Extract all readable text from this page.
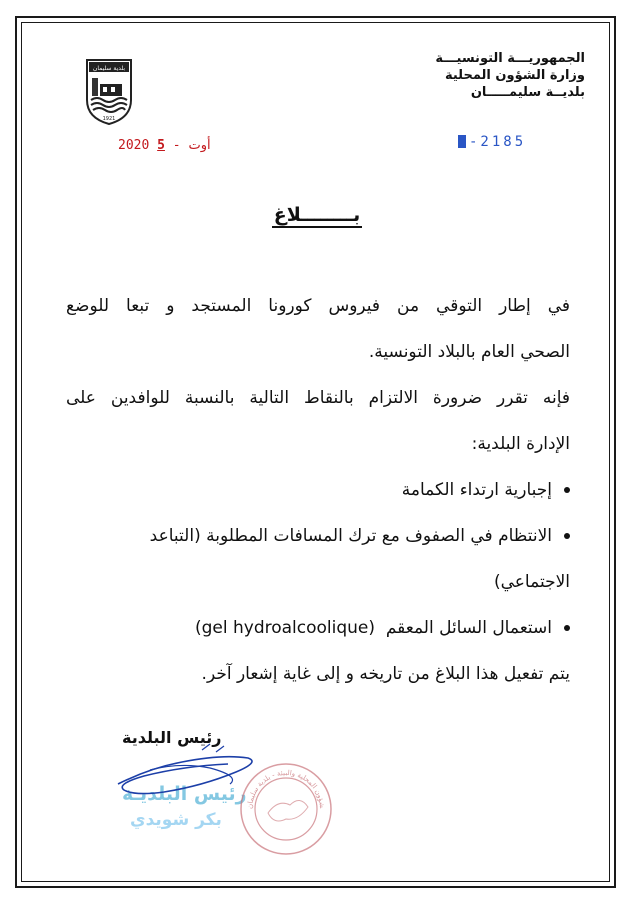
الجمهوريـــة التونسيـــة
وزارة الشؤون المحلية
بلديــة سليمـــــان
بلدية سليمان
1921
2020	أوت - 5	-2185
بــــــــلاغ
في إطار التوقي من فيروس كورونا المستجد و تبعا للوضع
الصحي العام بالبلاد التونسية.
فإنه تقرر ضرورة الالتزام بالنقاط التالية بالنسبة للوافدين على
الإدارة البلدية:
إجبارية ارتداء الكمامة
الانتظام في الصفوف مع ترك المسافات المطلوبة (التباعد
الاجتماعي)
استعمال السائل المعقم  (gel hydroalcoolique)
يتم تفعيل هذا البلاغ من تاريخه و إلى غاية إشعار آخر.
رئيس البلدية
رئيس البلديـة
بكر شويدي
شؤون المحلية والبيئة - بلدية سليمان
